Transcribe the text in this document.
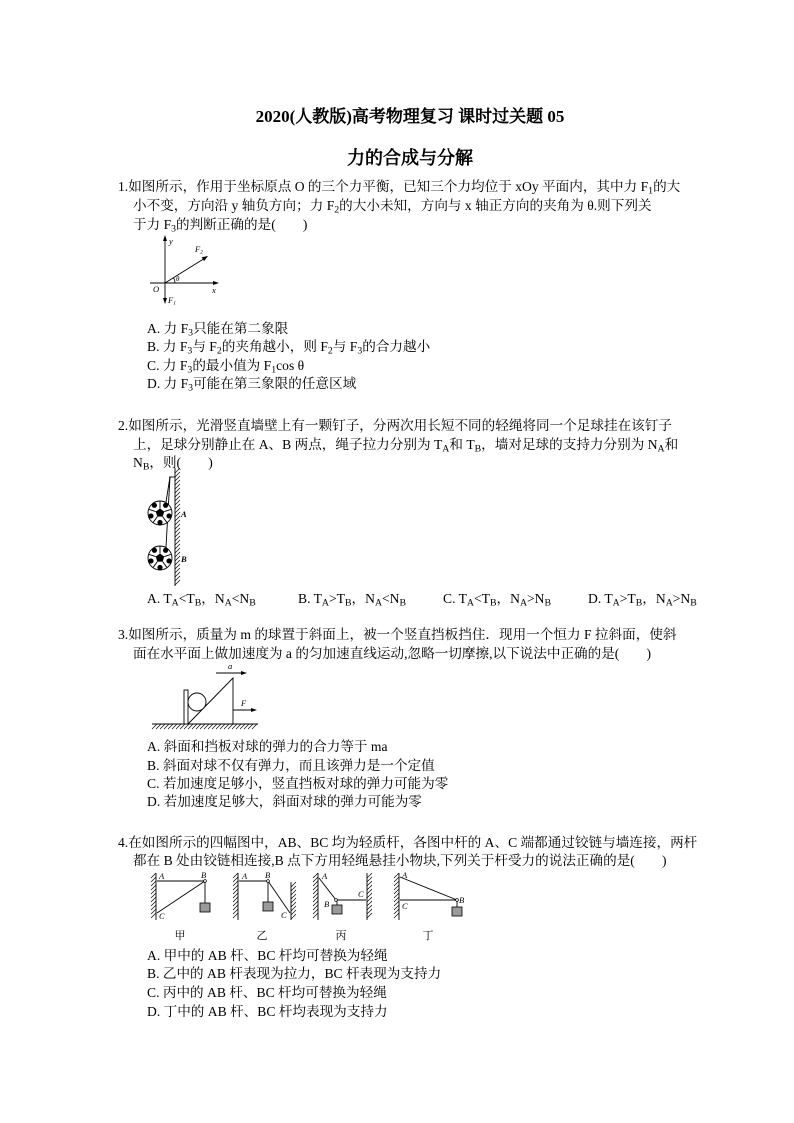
2020(人教版)高考物理复习 课时过关题 05
力的合成与分解
1.如图所示，作用于坐标原点 O 的三个力平衡，已知三个力均位于 xOy 平面内，其中力 $F_1$的大
小不变，方向沿 y 轴负方向；力 $F_2$的大小未知，方向与 x 轴正方向的夹角为 θ.则下列关
于力 $F_3$的判断正确的是(　　)
y
F2
θ
O	x
F1
A. 力 $F_3$只能在第二象限
B. 力 $F_3$与 $F_2$的夹角越小，则 $F_2$与 $F_3$的合力越小
C. 力 $F_3$的最小值为 $F_1\cos$ θ
D. 力 $F_3$可能在第三象限的任意区域
2.如图所示，光滑竖直墙壁上有一颗钉子，分两次用长短不同的轻绳将同一个足球挂在该钉子
上，足球分别静止在 A、B 两点，绳子拉力分别为 $T_A$和 $T_B$，墙对足球的支持力分别为 $N_A$和
$N_B$，则(　　)
A
B
A. $T_A<T_B$，$N_A<N_B$	B. $T_A>T_B$，$N_A<N_B$	C. $T_A<T_B$，$N_A>N_B$	D. $T_A>T_B$，$N_A>N_B$
3.如图所示，质量为 m 的球置于斜面上，被一个竖直挡板挡住．现用一个恒力 F 拉斜面，使斜
面在水平面上做加速度为 a 的匀加速直线运动,忽略一切摩擦,以下说法中正确的是(　　)
a
F
A. 斜面和挡板对球的弹力的合力等于 ma
B. 斜面对球不仅有弹力，而且该弹力是一个定值
C. 若加速度足够小，竖直挡板对球的弹力可能为零
D. 若加速度足够大，斜面对球的弹力可能为零
4.在如图所示的四幅图中，AB、BC 均为轻质杆，各图中杆的 A、C 端都通过铰链与墙连接，两杆
都在 B 处由铰链相连接,B 点下方用轻绳悬挂小物块,下列关于杆受力的说法正确的是(　　)
A	B
C
甲
A B
C
乙
A
B
C
丙
A
B
C
丁
A. 甲中的 AB 杆、BC 杆均可替换为轻绳
B. 乙中的 AB 杆表现为拉力，BC 杆表现为支持力
C. 丙中的 AB 杆、BC 杆均可替换为轻绳
D. 丁中的 AB 杆、BC 杆均表现为支持力
